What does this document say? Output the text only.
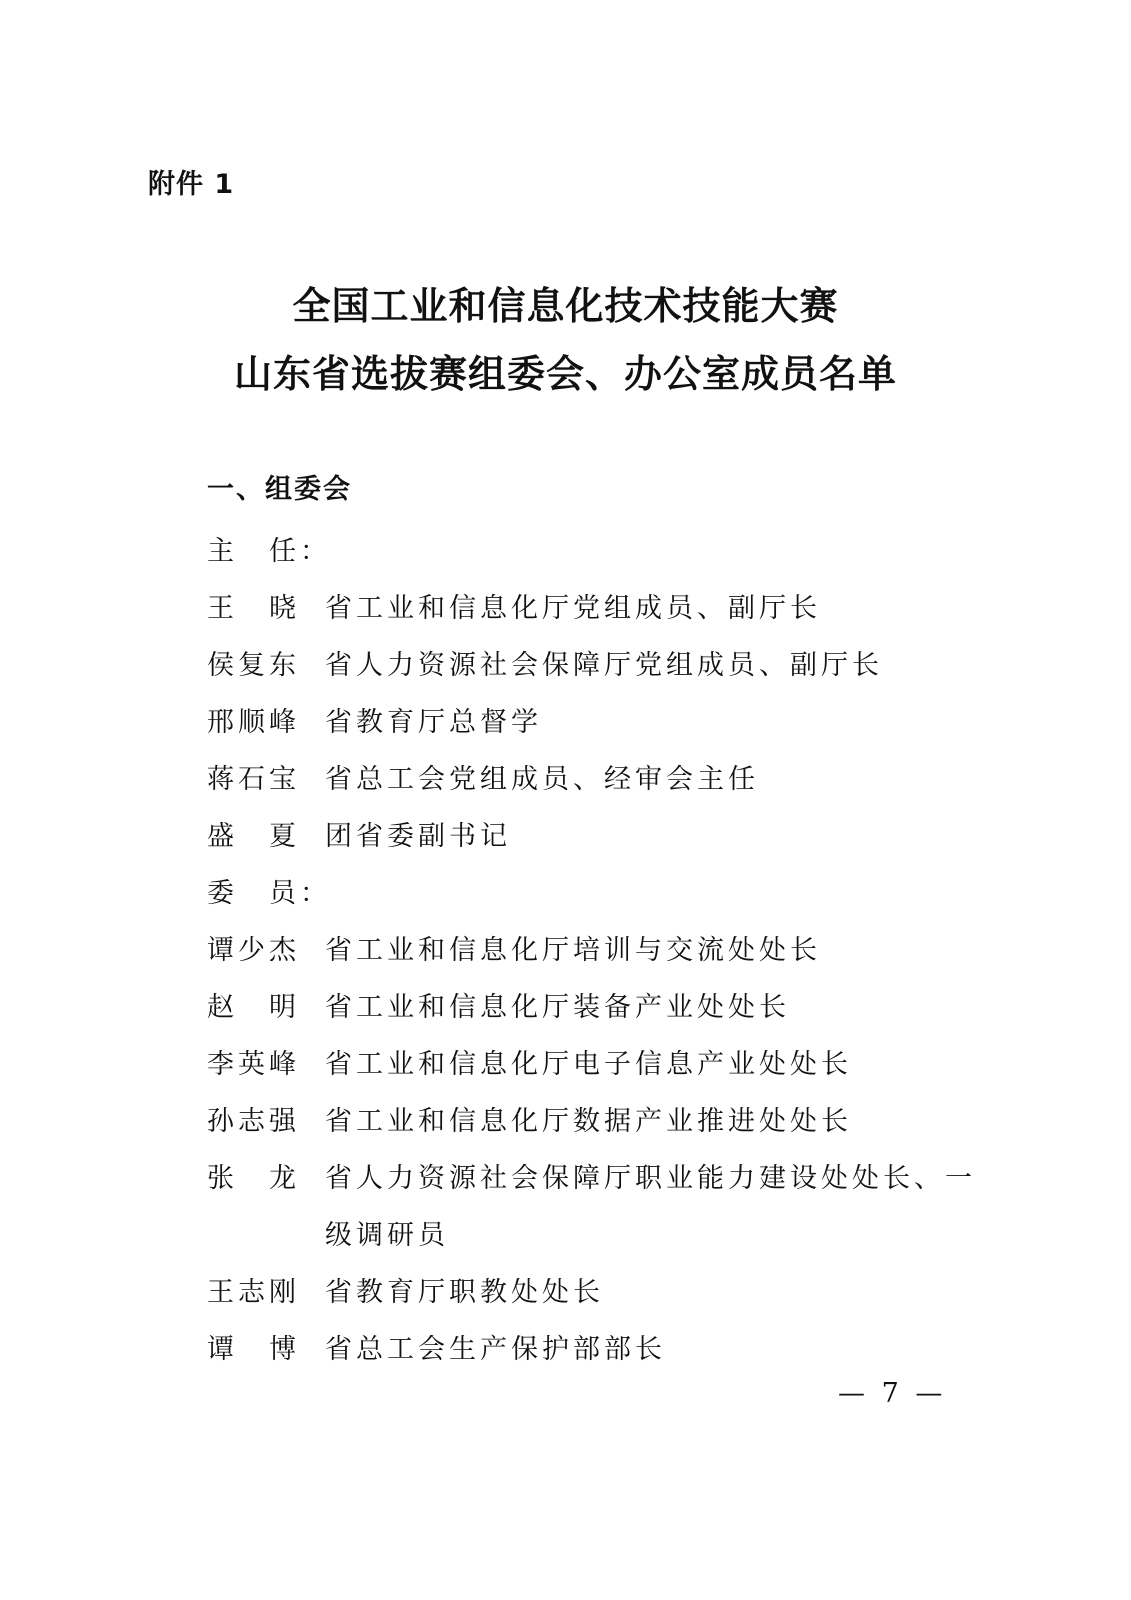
附件 1
全国工业和信息化技术技能大赛
山东省选拔赛组委会、办公室成员名单
一、组委会
主　任：
王　晓 省工业和信息化厅党组成员、副厅长
侯复东 省人力资源社会保障厅党组成员、副厅长
邢顺峰 省教育厅总督学
蒋石宝 省总工会党组成员、经审会主任
盛　夏 团省委副书记
委　员：
谭少杰 省工业和信息化厅培训与交流处处长
赵　明 省工业和信息化厅装备产业处处长
李英峰 省工业和信息化厅电子信息产业处处长
孙志强 省工业和信息化厅数据产业推进处处长
张　龙 省人力资源社会保障厅职业能力建设处处长、一
级调研员
王志刚 省教育厅职教处处长
谭　博 省总工会生产保护部部长
— 7 —
